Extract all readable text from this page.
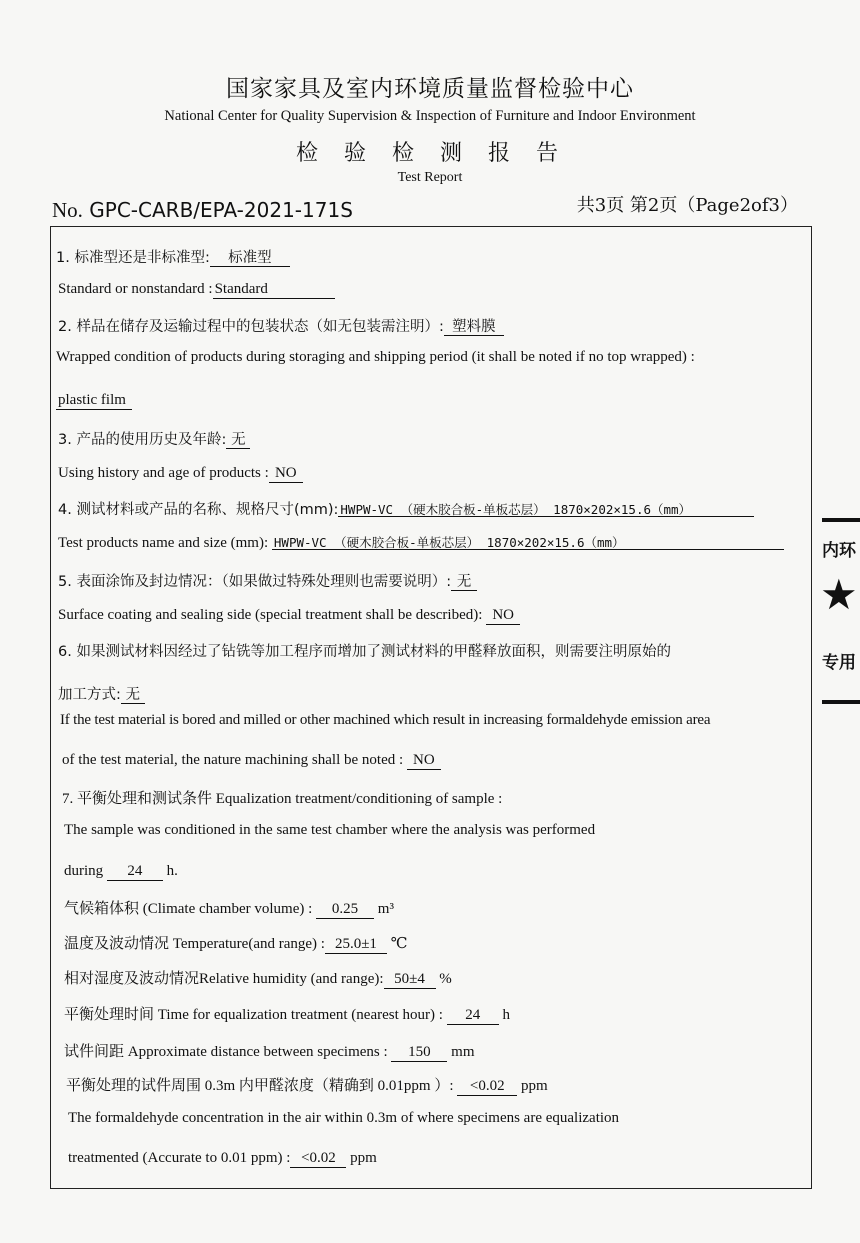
国家家具及室内环境质量监督检验中心
National Center for Quality Supervision & Inspection of Furniture and Indoor Environment
检验检测报告
Test Report
No. GPC-CARB/EPA-2021-171S	共3页 第2页（Page2of3）
1. 标准型还是非标准型: 标准型
Standard or nonstandard : Standard
2. 样品在储存及运输过程中的包装状态（如无包装需注明）: 塑料膜
Wrapped condition of products during storaging and shipping period (it shall be noted if no top wrapped) :
plastic film
3. 产品的使用历史及年龄: 无
Using history and age of products : NO
4. 测试材料或产品的名称、规格尺寸(mm): HWPW-VC （硬木胶合板-单板芯层） 1870×202×15.6（mm）
Test products name and size (mm): HWPW-VC （硬木胶合板-单板芯层） 1870×202×15.6（mm）
5. 表面涂饰及封边情况：（如果做过特殊处理则也需要说明）: 无
Surface coating and sealing side (special treatment shall be described): NO
6. 如果测试材料因经过了钻铣等加工程序而增加了测试材料的甲醛释放面积，则需要注明原始的
加工方式: 无
If the test material is bored and milled or other machined which result in increasing formaldehyde emission area
of the test material, the nature machining shall be noted : NO
7. 平衡处理和测试条件 Equalization treatment/conditioning of sample :
The sample was conditioned in the same test chamber where the analysis was performed
during 24 h.
气候箱体积 (Climate chamber volume) : 0.25 m³
温度及波动情况 Temperature(and range) : 25.0±1 ℃
相对湿度及波动情况Relative humidity (and range): 50±4 %
平衡处理时间 Time for equalization treatment (nearest hour) : 24 h
试件间距 Approximate distance between specimens : 150 mm
平衡处理的试件周围 0.3m 内甲醛浓度（精确到 0.01ppm ）: <0.02 ppm
The formaldehyde concentration in the air within 0.3m of where specimens are equalization
treatmented (Accurate to 0.01 ppm) : <0.02 ppm
内环
★
专用
